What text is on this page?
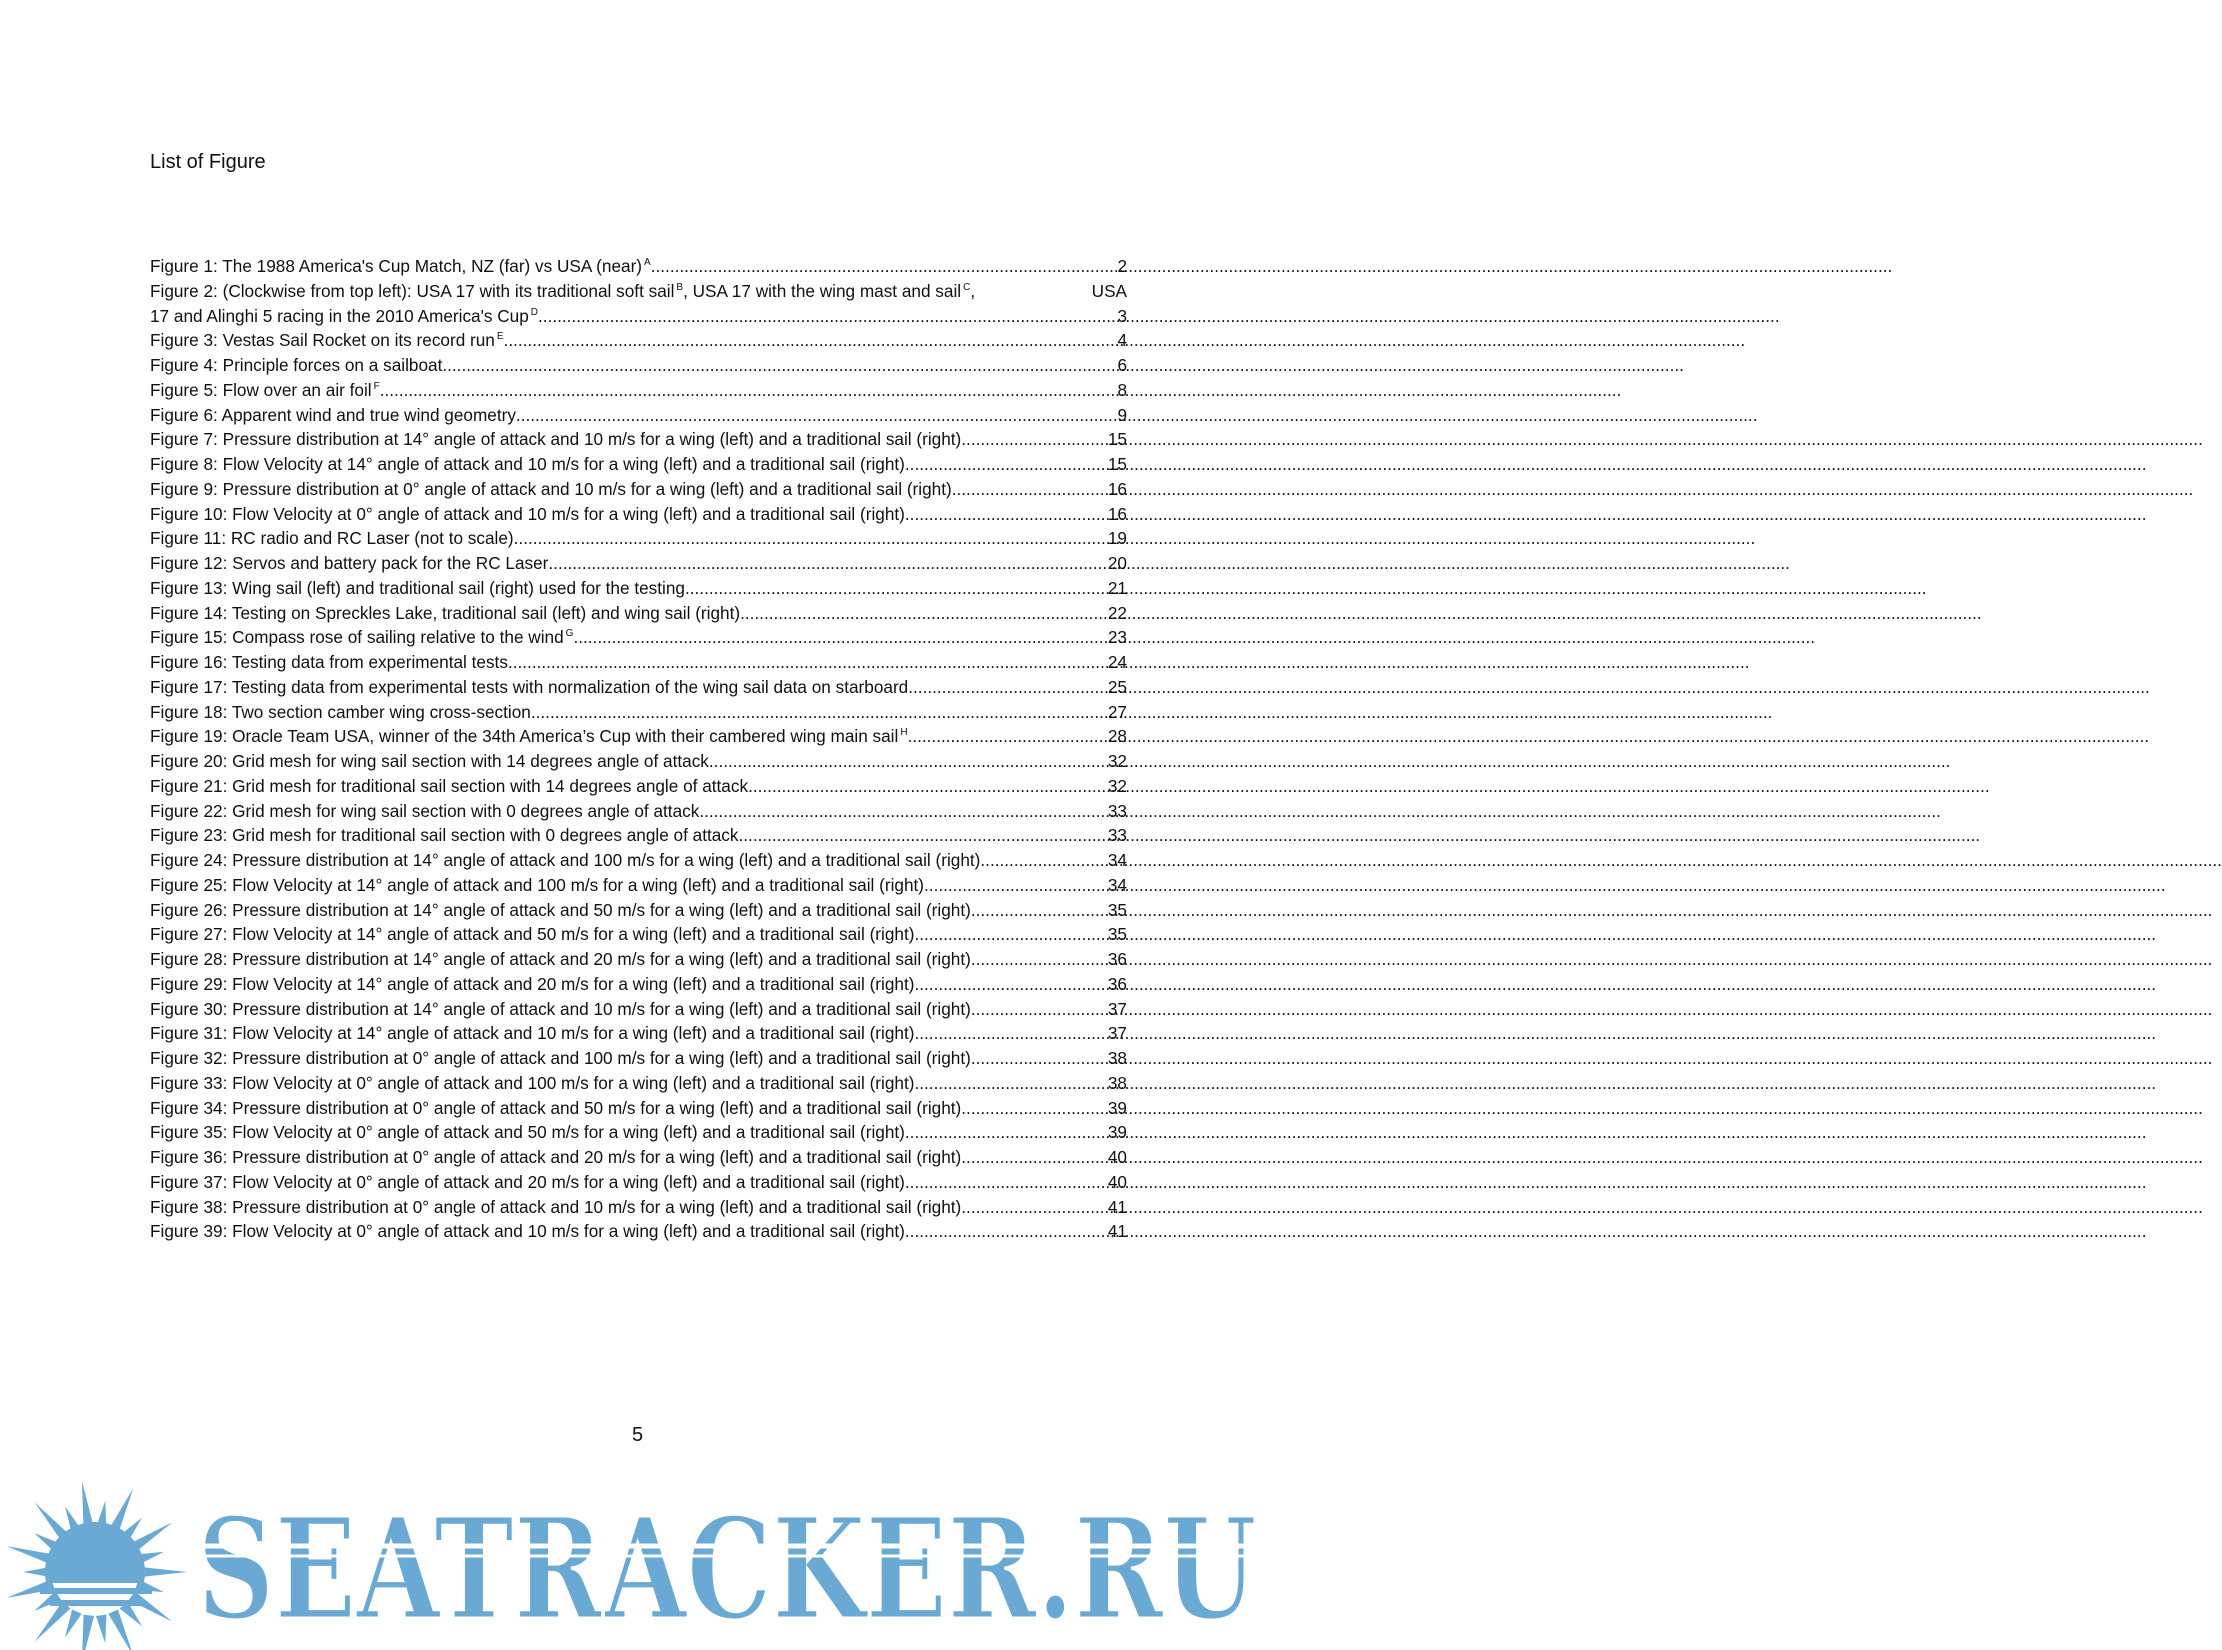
List of Figure
Figure 1: The 1988 America's Cup Match, NZ (far) vs USA (near) $^A$ .....	2
Figure 2: (Clockwise from top left): USA 17 with its traditional soft sail $^B$, USA 17 with the wing mast and sail $^C$,	USA
17 and Alinghi 5 racing in the 2010 America's Cup $^D$ .....	3
Figure 3: Vestas Sail Rocket on its record run $^E$ .....	4
Figure 4: Principle forces on a sailboat .....	6
Figure 5: Flow over an air foil $^F$ .....	8
Figure 6: Apparent wind and true wind geometry .....	9
Figure 7: Pressure distribution at 14° angle of attack and 10 m/s for a wing (left) and a traditional sail (right) .....	15
Figure 8: Flow Velocity at 14° angle of attack and 10 m/s for a wing (left) and a traditional sail (right) .....	15
Figure 9: Pressure distribution at 0° angle of attack and 10 m/s for a wing (left) and a traditional sail (right) .....	16
Figure 10: Flow Velocity at 0° angle of attack and 10 m/s for a wing (left) and a traditional sail (right) .....	16
Figure 11: RC radio and RC Laser (not to scale) .....	19
Figure 12: Servos and battery pack for the RC Laser .....	20
Figure 13: Wing sail (left) and traditional sail (right) used for the testing .....	21
Figure 14: Testing on Spreckles Lake, traditional sail (left) and wing sail (right) .....	22
Figure 15: Compass rose of sailing relative to the wind $^G$ .....	23
Figure 16: Testing data from experimental tests .....	24
Figure 17: Testing data from experimental tests with normalization of the wing sail data on starboard .....	25
Figure 18: Two section camber wing cross-section .....	27
Figure 19: Oracle Team USA, winner of the 34th America’s Cup with their cambered wing main sail $^H$ .....	28
Figure 20: Grid mesh for wing sail section with 14 degrees angle of attack .....	32
Figure 21: Grid mesh for traditional sail section with 14 degrees angle of attack .....	32
Figure 22: Grid mesh for wing sail section with 0 degrees angle of attack .....	33
Figure 23: Grid mesh for traditional sail section with 0 degrees angle of attack .....	33
Figure 24: Pressure distribution at 14° angle of attack and 100 m/s for a wing (left) and a traditional sail (right) .....	34
Figure 25: Flow Velocity at 14° angle of attack and 100 m/s for a wing (left) and a traditional sail (right) .....	34
Figure 26: Pressure distribution at 14° angle of attack and 50 m/s for a wing (left) and a traditional sail (right) .....	35
Figure 27: Flow Velocity at 14° angle of attack and 50 m/s for a wing (left) and a traditional sail (right) .....	35
Figure 28: Pressure distribution at 14° angle of attack and 20 m/s for a wing (left) and a traditional sail (right) .....	36
Figure 29: Flow Velocity at 14° angle of attack and 20 m/s for a wing (left) and a traditional sail (right) .....	36
Figure 30: Pressure distribution at 14° angle of attack and 10 m/s for a wing (left) and a traditional sail (right) .....	37
Figure 31: Flow Velocity at 14° angle of attack and 10 m/s for a wing (left) and a traditional sail (right) .....	37
Figure 32: Pressure distribution at 0° angle of attack and 100 m/s for a wing (left) and a traditional sail (right) .....	38
Figure 33: Flow Velocity at 0° angle of attack and 100 m/s for a wing (left) and a traditional sail (right) .....	38
Figure 34: Pressure distribution at 0° angle of attack and 50 m/s for a wing (left) and a traditional sail (right) .....	39
Figure 35: Flow Velocity at 0° angle of attack and 50 m/s for a wing (left) and a traditional sail (right) .....	39
Figure 36: Pressure distribution at 0° angle of attack and 20 m/s for a wing (left) and a traditional sail (right) .....	40
Figure 37: Flow Velocity at 0° angle of attack and 20 m/s for a wing (left) and a traditional sail (right) .....	40
Figure 38: Pressure distribution at 0° angle of attack and 10 m/s for a wing (left) and a traditional sail (right) .....	41
Figure 39: Flow Velocity at 0° angle of attack and 10 m/s for a wing (left) and a traditional sail (right) .....	41
5
SEATRACKER.RU
